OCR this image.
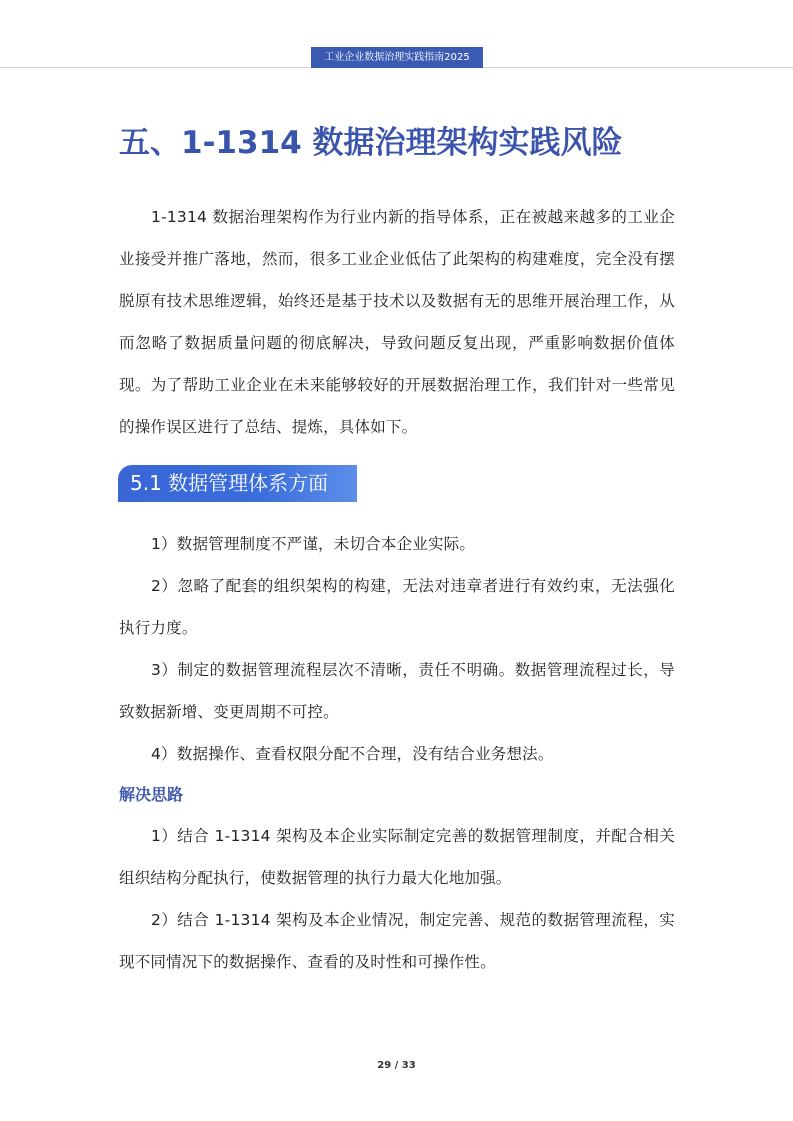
工业企业数据治理实践指南2025
五、1-1314 数据治理架构实践风险

1-1314 数据治理架构作为行业内新的指导体系，正在被越来越多的工业企业接受并推广落地，然而，很多工业企业低估了此架构的构建难度，完全没有摆脱原有技术思维逻辑，始终还是基于技术以及数据有无的思维开展治理工作，从而忽略了数据质量问题的彻底解决，导致问题反复出现，严重影响数据价值体现。为了帮助工业企业在未来能够较好的开展数据治理工作，我们针对一些常见的操作误区进行了总结、提炼，具体如下。

5.1 数据管理体系方面

1）数据管理制度不严谨，未切合本企业实际。

2）忽略了配套的组织架构的构建，无法对违章者进行有效约束，无法强化执行力度。

3）制定的数据管理流程层次不清晰，责任不明确。数据管理流程过长，导致数据新增、变更周期不可控。

4）数据操作、查看权限分配不合理，没有结合业务想法。

解决思路

1）结合 1-1314 架构及本企业实际制定完善的数据管理制度，并配合相关组织结构分配执行，使数据管理的执行力最大化地加强。

2）结合 1-1314 架构及本企业情况，制定完善、规范的数据管理流程，实现不同情况下的数据操作、查看的及时性和可操作性。

29 / 33
